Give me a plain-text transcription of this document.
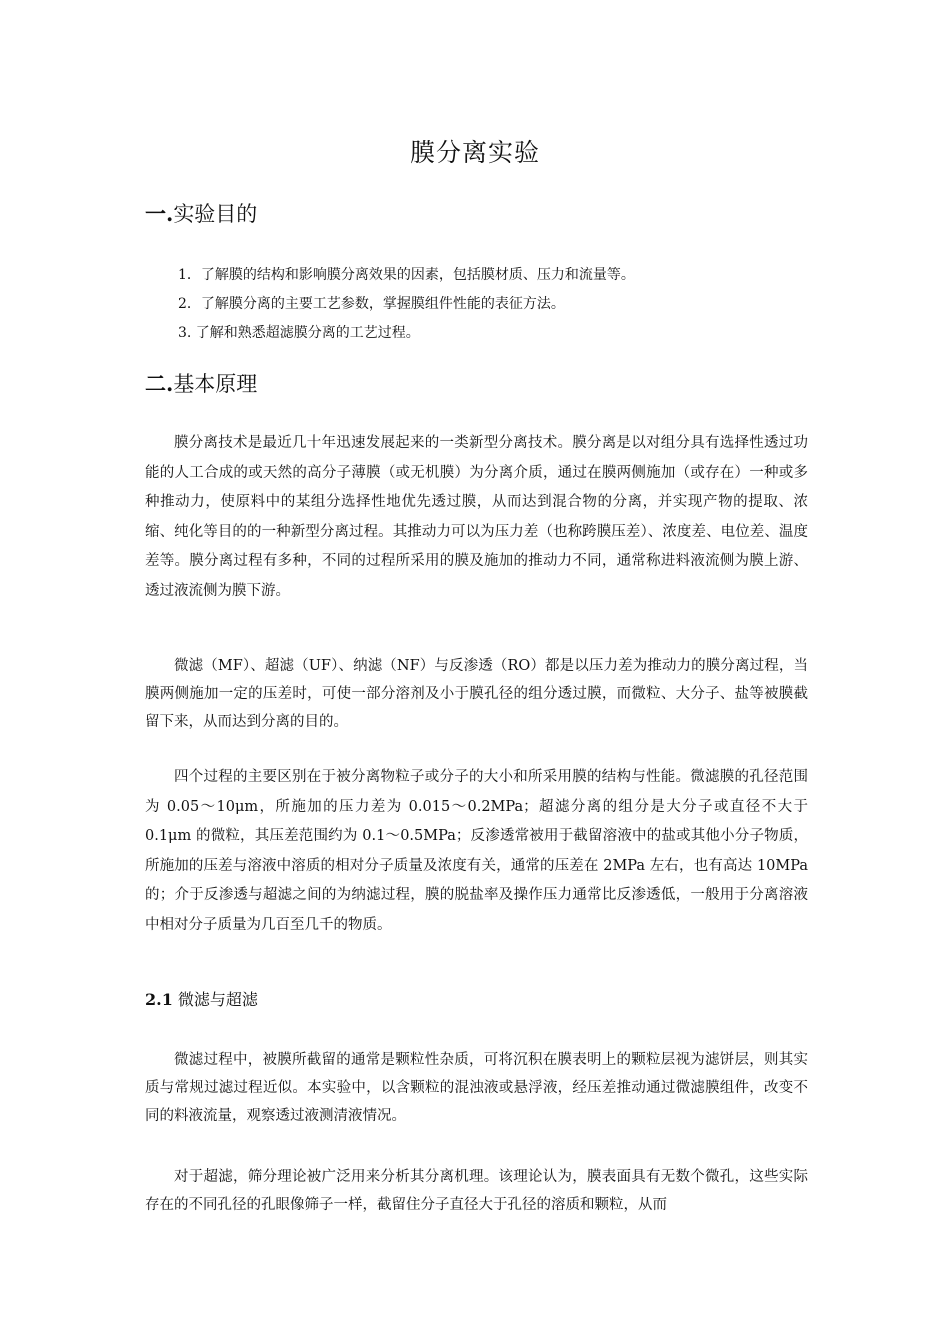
膜分离实验
一.实验目的
1．了解膜的结构和影响膜分离效果的因素，包括膜材质、压力和流量等。
2．了解膜分离的主要工艺参数，掌握膜组件性能的表征方法。
3. 了解和熟悉超滤膜分离的工艺过程。
二.基本原理

膜分离技术是最近几十年迅速发展起来的一类新型分离技术。膜分离是以对组分具有选择性透过功能的人工合成的或天然的高分子薄膜（或无机膜）为分离介质，通过在膜两侧施加（或存在）一种或多种推动力，使原料中的某组分选择性地优先透过膜，从而达到混合物的分离，并实现产物的提取、浓缩、纯化等目的的一种新型分离过程。其推动力可以为压力差（也称跨膜压差）、浓度差、电位差、温度差等。膜分离过程有多种，不同的过程所采用的膜及施加的推动力不同，通常称进料液流侧为膜上游、透过液流侧为膜下游。

微滤（MF）、超滤（UF）、纳滤（NF）与反渗透（RO）都是以压力差为推动力的膜分离过程，当膜两侧施加一定的压差时，可使一部分溶剂及小于膜孔径的组分透过膜，而微粒、大分子、盐等被膜截留下来，从而达到分离的目的。

四个过程的主要区别在于被分离物粒子或分子的大小和所采用膜的结构与性能。微滤膜的孔径范围为 0.05～10μm，所施加的压力差为 0.015～0.2MPa；超滤分离的组分是大分子或直径不大于 0.1μm 的微粒，其压差范围约为 0.1～0.5MPa；反渗透常被用于截留溶液中的盐或其他小分子物质，所施加的压差与溶液中溶质的相对分子质量及浓度有关，通常的压差在 2MPa 左右，也有高达 10MPa 的；介于反渗透与超滤之间的为纳滤过程，膜的脱盐率及操作压力通常比反渗透低，一般用于分离溶液中相对分子质量为几百至几千的物质。

2.1 微滤与超滤

微滤过程中，被膜所截留的通常是颗粒性杂质，可将沉积在膜表明上的颗粒层视为滤饼层，则其实质与常规过滤过程近似。本实验中，以含颗粒的混浊液或悬浮液，经压差推动通过微滤膜组件，改变不同的料液流量，观察透过液测清液情况。

对于超滤，筛分理论被广泛用来分析其分离机理。该理论认为，膜表面具有无数个微孔，这些实际存在的不同孔径的孔眼像筛子一样，截留住分子直径大于孔径的溶质和颗粒，从而
